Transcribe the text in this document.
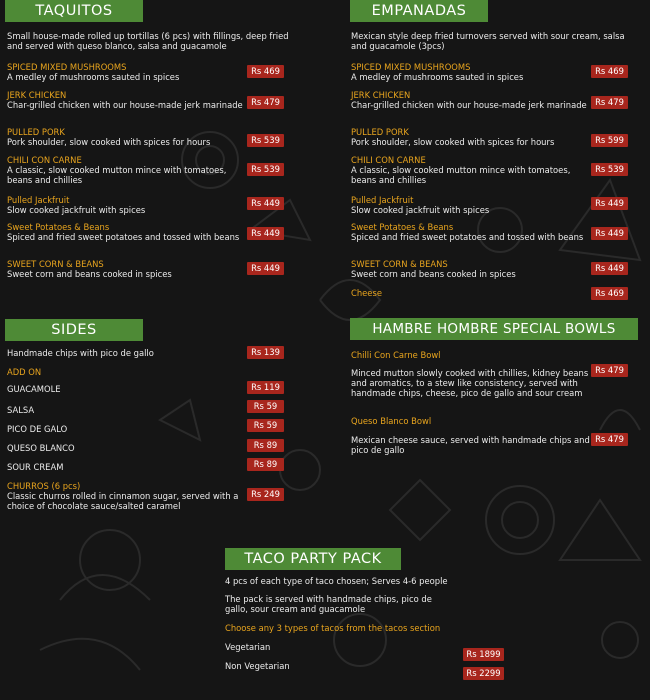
TAQUITOS
Small house-made rolled up tortillas (6 pcs) with fillings, deep fried and served with queso blanco, salsa and guacamole
SPICED MIXED MUSHROOMS
A medley of mushrooms sauted in spices
Rs 469
JERK CHICKEN
Char-grilled chicken with our house-made jerk marinade Rs 479
PULLED PORK
Pork shoulder, slow cooked with spices for hours	Rs 539
CHILI CON CARNE
A classic, slow cooked mutton mince with tomatoes, beans and chillies
Rs 539
Pulled Jackfruit
Slow cooked jackfruit with spices
Rs 449
Sweet Potatoes & Beans
Spiced and fried sweet potatoes and tossed with beans	Rs 449
SWEET CORN & BEANS
Sweet corn and beans cooked in spices
Rs 449
EMPANADAS
Mexican style deep fried turnovers served with sour cream, salsa and guacamole (3pcs)
SPICED MIXED MUSHROOMS
A medley of mushrooms sauted in spices
Rs 469
JERK CHICKEN
Char-grilled chicken with our house-made jerk marinade Rs 479
PULLED PORK
Pork shoulder, slow cooked with spices for hours	Rs 599
CHILI CON CARNE
A classic, slow cooked mutton mince with tomatoes, beans and chillies
Rs 539
Pulled Jackfruit
Slow cooked jackfruit with spices
Rs 449
Sweet Potatoes & Beans
Spiced and fried sweet potatoes and tossed with beans	Rs 449
SWEET CORN & BEANS
Sweet corn and beans cooked in spices
Rs 449
Cheese	Rs 469
SIDES
Handmade chips with pico de gallo	Rs 139
ADD ON
GUACAMOLE	Rs 119
SALSA	Rs 59
PICO DE GALO	Rs 59
QUESO BLANCO	Rs 89
SOUR CREAM	Rs 89
CHURROS (6 pcs)
Classic churros rolled in cinnamon sugar, served with a choice of chocolate sauce/salted caramel
Rs 249
HAMBRE HOMBRE SPECIAL BOWLS
Chilli Con Carne Bowl
Minced mutton slowly cooked with chillies, kidney beans and aromatics, to a stew like consistency, served with handmade chips, cheese, pico de gallo and sour cream
Rs 479
Queso Blanco Bowl
Mexican cheese sauce, served with handmade chips and pico de gallo
Rs 479
TACO PARTY PACK
4 pcs of each type of taco chosen; Serves 4-6 people
The pack is served with handmade chips, pico de gallo, sour cream and guacamole
Choose any 3 types of tacos from the tacos section
Vegetarian
Rs 1899
Non Vegetarian
Rs 2299
